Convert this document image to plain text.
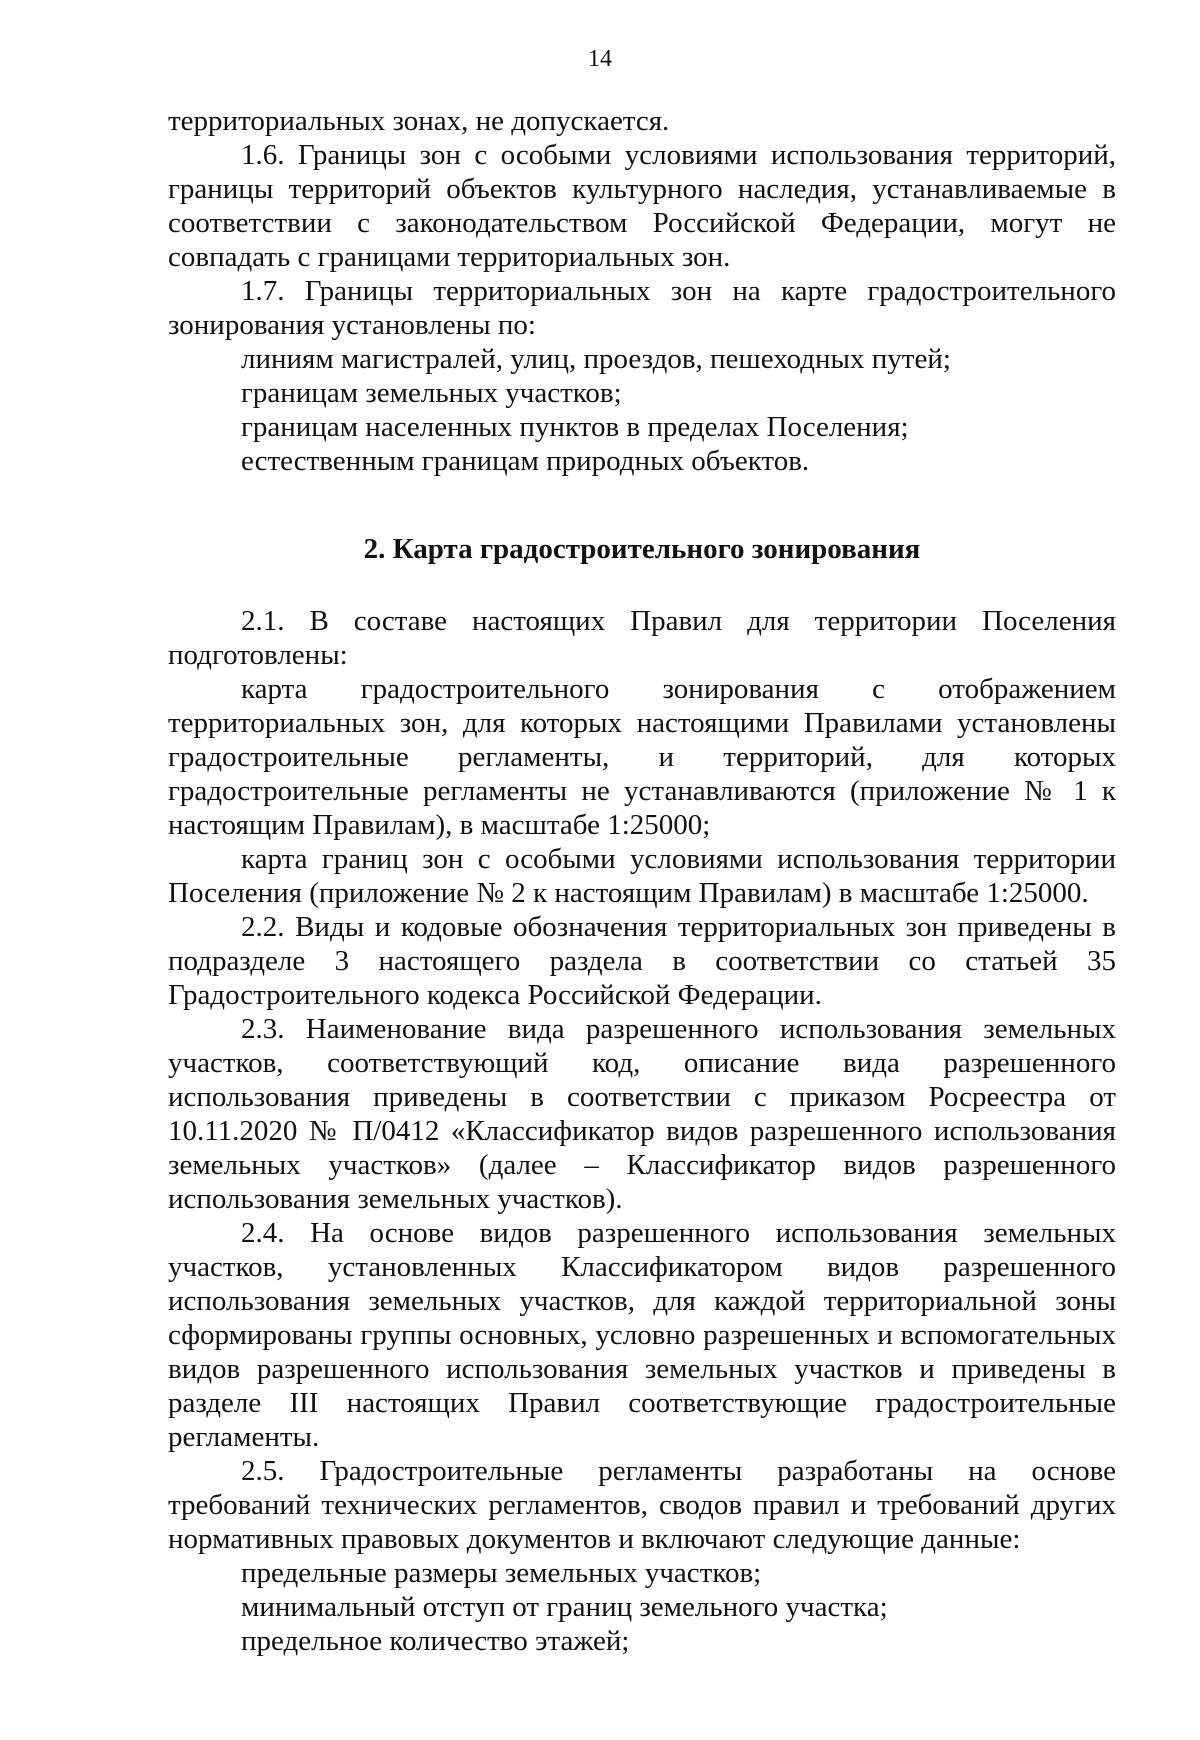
14

территориальных зонах, не допускается.

1.6. Границы зон с особыми условиями использования территорий, границы территорий объектов культурного наследия, устанавливаемые в соответствии с законодательством Российской Федерации, могут не совпадать с границами территориальных зон.

1.7. Границы территориальных зон на карте градостроительного зонирования установлены по:

линиям магистралей, улиц, проездов, пешеходных путей;

границам земельных участков;

границам населенных пунктов в пределах Поселения;

естественным границам природных объектов.

2. Карта градостроительного зонирования

2.1. В составе настоящих Правил для территории Поселения подготовлены:

карта градостроительного зонирования с отображением территориальных зон, для которых настоящими Правилами установлены градостроительные регламенты, и территорий, для которых градостроительные регламенты не устанавливаются (приложение № 1 к настоящим Правилам), в масштабе 1:25000;

карта границ зон с особыми условиями использования территории Поселения (приложение № 2 к настоящим Правилам) в масштабе 1:25000.

2.2. Виды и кодовые обозначения территориальных зон приведены в подразделе 3 настоящего раздела в соответствии со статьей 35 Градостроительного кодекса Российской Федерации.

2.3. Наименование вида разрешенного использования земельных участков, соответствующий код, описание вида разрешенного использования приведены в соответствии с приказом Росреестра от 10.11.2020 № П/0412 «Классификатор видов разрешенного использования земельных участков» (далее – Классификатор видов разрешенного использования земельных участков).

2.4. На основе видов разрешенного использования земельных участков, установленных Классификатором видов разрешенного использования земельных участков, для каждой территориальной зоны сформированы группы основных, условно разрешенных и вспомогательных видов разрешенного использования земельных участков и приведены в разделе III настоящих Правил соответствующие градостроительные регламенты.

2.5. Градостроительные регламенты разработаны на основе требований технических регламентов, сводов правил и требований других нормативных правовых документов и включают следующие данные:

предельные размеры земельных участков;

минимальный отступ от границ земельного участка;

предельное количество этажей;
